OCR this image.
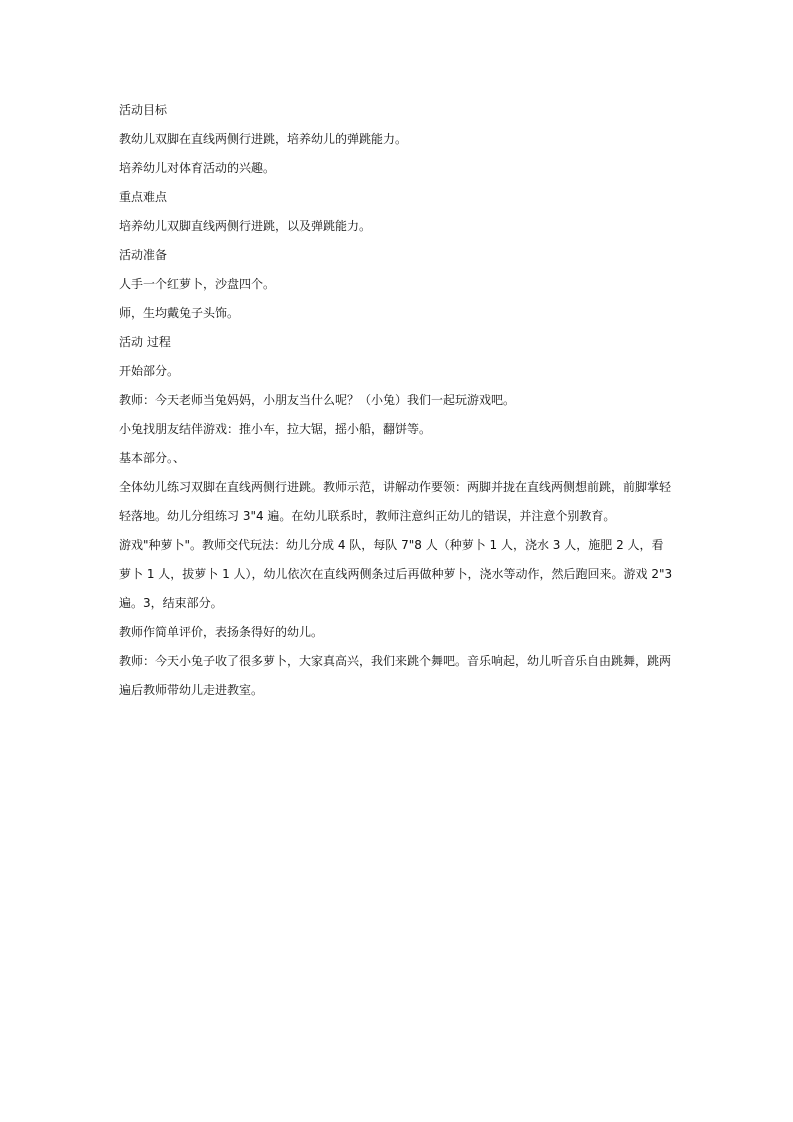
活动目标

教幼儿双脚在直线两侧行进跳，培养幼儿的弹跳能力。

培养幼儿对体育活动的兴趣。

重点难点

培养幼儿双脚直线两侧行进跳，以及弹跳能力。

活动准备

人手一个红萝卜，沙盘四个。

师，生均戴兔子头饰。

活动 过程

开始部分。

教师：今天老师当兔妈妈，小朋友当什么呢？（小兔）我们一起玩游戏吧。

小兔找朋友结伴游戏：推小车，拉大锯，摇小船，翻饼等。

基本部分。、

全体幼儿练习双脚在直线两侧行进跳。教师示范，讲解动作要领：两脚并拢在直线两侧想前跳，前脚掌轻轻落地。幼儿分组练习 3"4 遍。在幼儿联系时，教师注意纠正幼儿的错误，并注意个别教育。

游戏"种萝卜"。教师交代玩法：幼儿分成 4 队，每队 7"8 人（种萝卜 1 人，浇水 3 人，施肥 2 人，看萝卜 1 人，拔萝卜 1 人），幼儿依次在直线两侧条过后再做种萝卜，浇水等动作，然后跑回来。游戏 2"3 遍。3，结束部分。

教师作简单评价，表扬条得好的幼儿。

教师：今天小兔子收了很多萝卜，大家真高兴，我们来跳个舞吧。音乐响起，幼儿听音乐自由跳舞，跳两遍后教师带幼儿走进教室。
